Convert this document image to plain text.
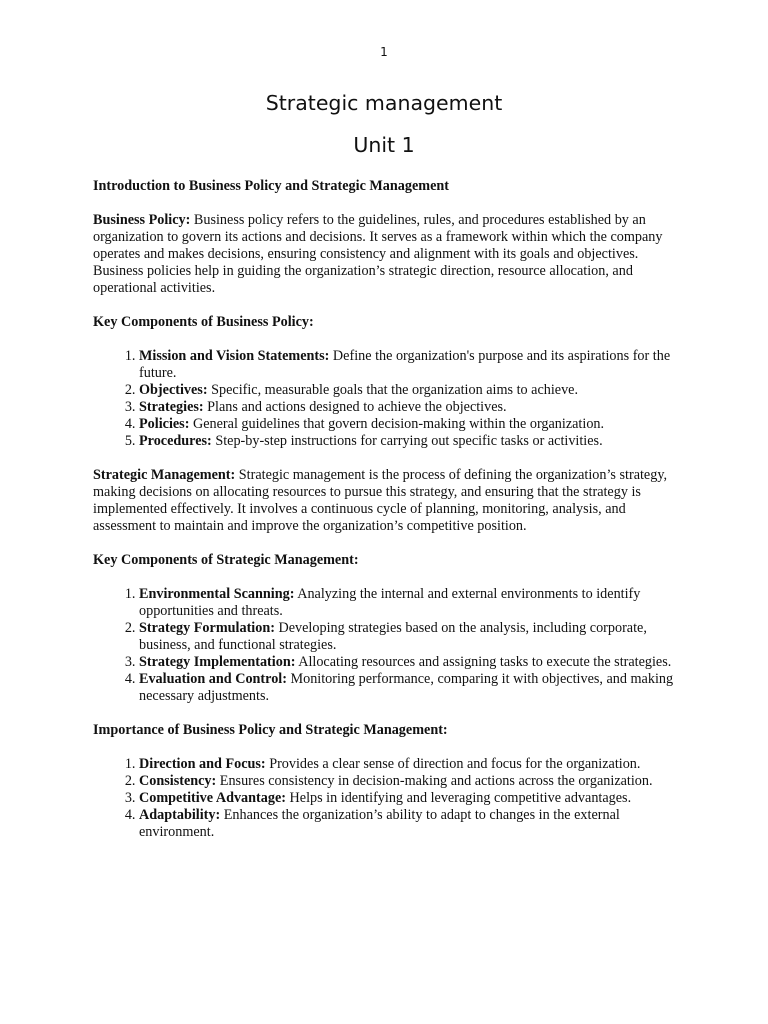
1
Strategic management
Unit 1

Introduction to Business Policy and Strategic Management

Business Policy: Business policy refers to the guidelines, rules, and procedures established by an organization to govern its actions and decisions. It serves as a framework within which the company operates and makes decisions, ensuring consistency and alignment with its goals and objectives. Business policies help in guiding the organization’s strategic direction, resource allocation, and operational activities.

Key Components of Business Policy:

1. Mission and Vision Statements: Define the organization's purpose and its aspirations for the future.
2. Objectives: Specific, measurable goals that the organization aims to achieve.
3. Strategies: Plans and actions designed to achieve the objectives.
4. Policies: General guidelines that govern decision-making within the organization.
5. Procedures: Step-by-step instructions for carrying out specific tasks or activities.

Strategic Management: Strategic management is the process of defining the organization’s strategy, making decisions on allocating resources to pursue this strategy, and ensuring that the strategy is implemented effectively. It involves a continuous cycle of planning, monitoring, analysis, and assessment to maintain and improve the organization’s competitive position.

Key Components of Strategic Management:

1. Environmental Scanning: Analyzing the internal and external environments to identify opportunities and threats.
2. Strategy Formulation: Developing strategies based on the analysis, including corporate, business, and functional strategies.
3. Strategy Implementation: Allocating resources and assigning tasks to execute the strategies.
4. Evaluation and Control: Monitoring performance, comparing it with objectives, and making necessary adjustments.

Importance of Business Policy and Strategic Management:

1. Direction and Focus: Provides a clear sense of direction and focus for the organization.
2. Consistency: Ensures consistency in decision-making and actions across the organization.
3. Competitive Advantage: Helps in identifying and leveraging competitive advantages.
4. Adaptability: Enhances the organization’s ability to adapt to changes in the external environment.
